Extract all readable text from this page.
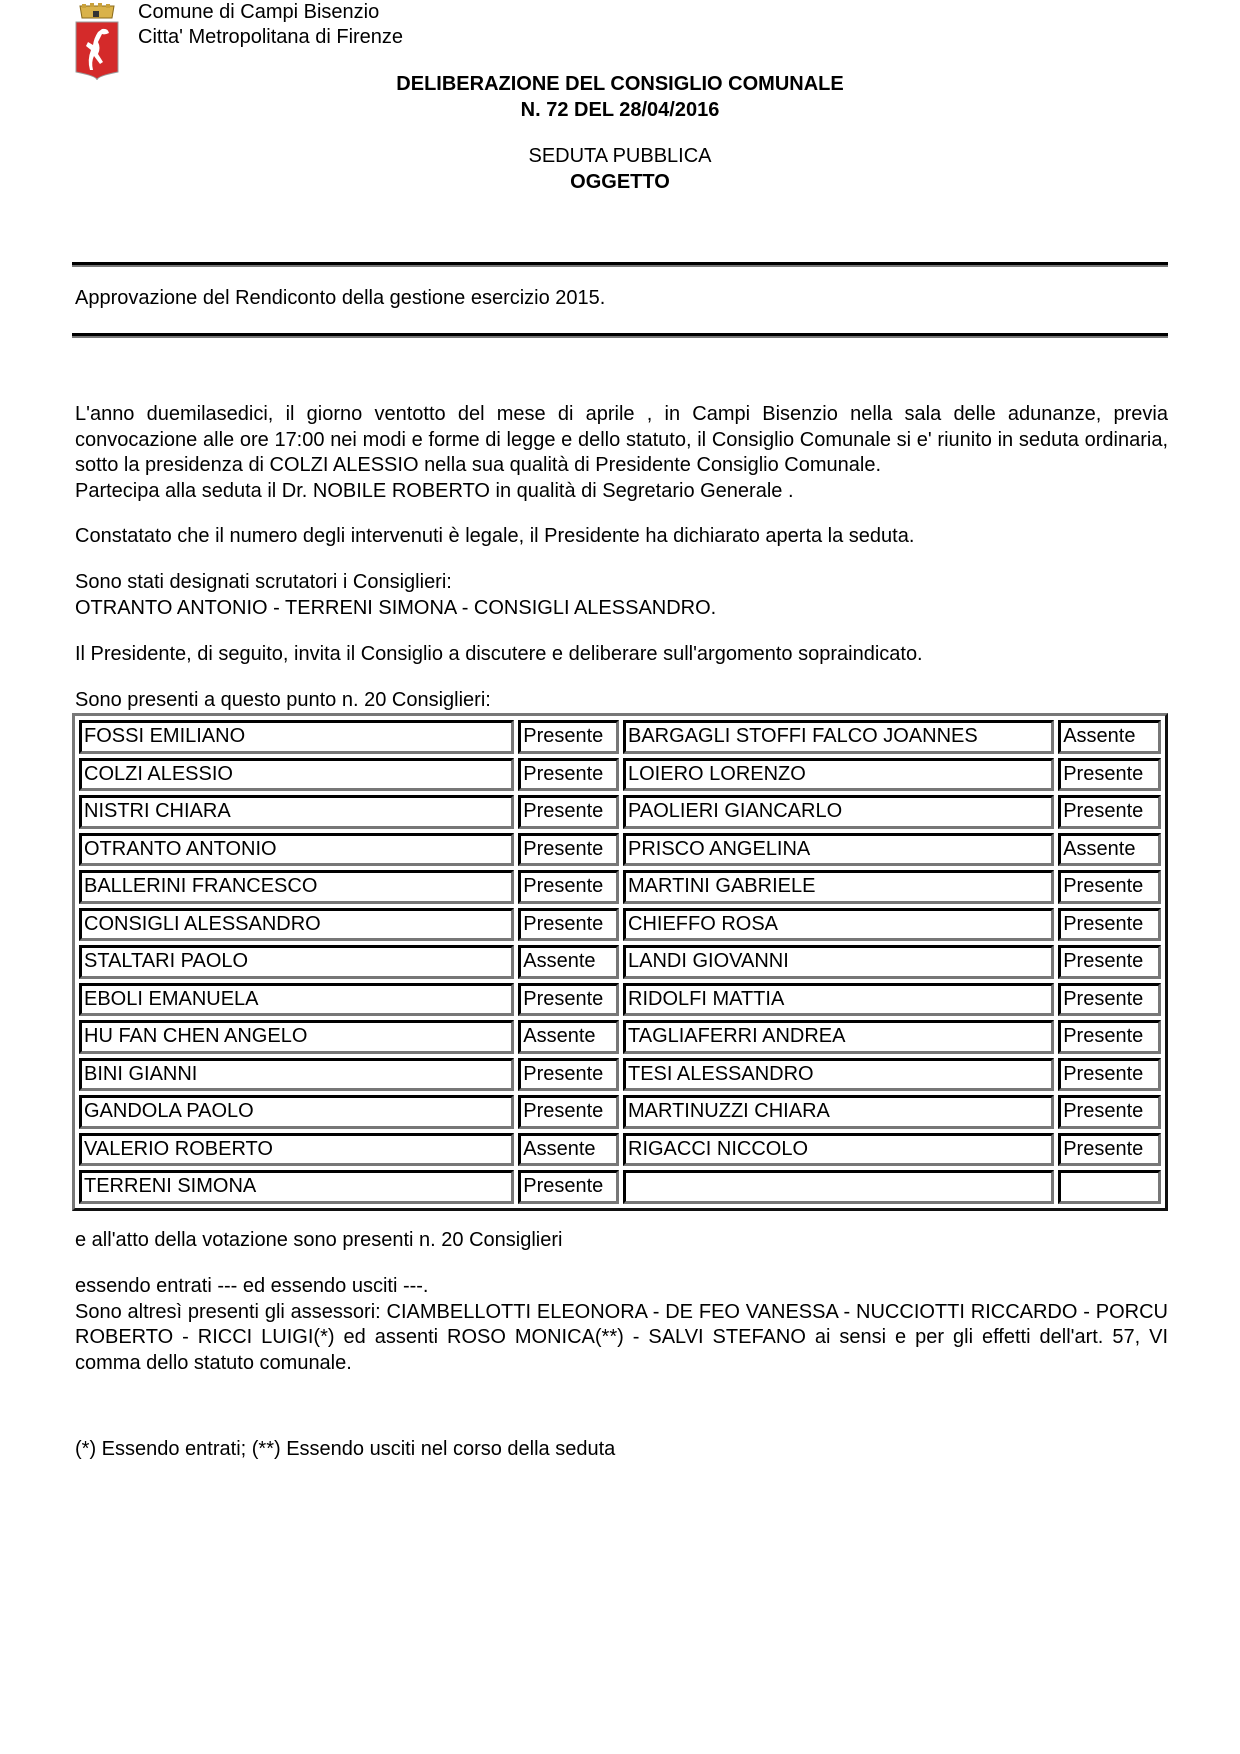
Comune di Campi Bisenzio
Citta' Metropolitana di Firenze
DELIBERAZIONE DEL CONSIGLIO COMUNALE
N. 72 DEL 28/04/2016
SEDUTA PUBBLICA
OGGETTO
Approvazione del Rendiconto della gestione esercizio 2015.
L'anno duemilasedici, il giorno ventotto del mese di aprile , in Campi Bisenzio nella sala delle adunanze, previa convocazione alle ore 17:00 nei modi e forme di legge e dello statuto, il Consiglio Comunale si e' riunito in seduta ordinaria, sotto la presidenza di COLZI ALESSIO nella sua qualità di Presidente Consiglio Comunale.
Partecipa alla seduta il Dr. NOBILE ROBERTO in qualità di Segretario Generale .
Constatato che il numero degli intervenuti è legale, il Presidente ha dichiarato aperta la seduta.
Sono stati designati scrutatori i Consiglieri:
OTRANTO ANTONIO - TERRENI SIMONA - CONSIGLI ALESSANDRO.
Il Presidente, di seguito, invita il Consiglio a discutere e deliberare sull'argomento sopraindicato.
Sono presenti a questo punto n. 20 Consiglieri:
FOSSI EMILIANO	Presente	BARGAGLI STOFFI FALCO JOANNES	Assente
COLZI ALESSIO	Presente	LOIERO LORENZO	Presente
NISTRI CHIARA	Presente	PAOLIERI GIANCARLO	Presente
OTRANTO ANTONIO	Presente	PRISCO ANGELINA	Assente
BALLERINI FRANCESCO	Presente	MARTINI GABRIELE	Presente
CONSIGLI ALESSANDRO	Presente	CHIEFFO ROSA	Presente
STALTARI PAOLO	Assente	LANDI GIOVANNI	Presente
EBOLI EMANUELA	Presente	RIDOLFI MATTIA	Presente
HU FAN CHEN ANGELO	Assente	TAGLIAFERRI ANDREA	Presente
BINI GIANNI	Presente	TESI ALESSANDRO	Presente
GANDOLA PAOLO	Presente	MARTINUZZI CHIARA	Presente
VALERIO ROBERTO	Assente	RIGACCI NICCOLO	Presente
TERRENI SIMONA	Presente		
e all'atto della votazione sono presenti n. 20 Consiglieri
essendo entrati --- ed essendo usciti ---.
Sono altresì presenti gli assessori: CIAMBELLOTTI ELEONORA - DE FEO VANESSA - NUCCIOTTI RICCARDO - PORCU ROBERTO - RICCI LUIGI(*) ed assenti ROSO MONICA(**) - SALVI STEFANO ai sensi e per gli effetti dell'art. 57, VI comma dello statuto comunale.
(*) Essendo entrati; (**) Essendo usciti nel corso della seduta
